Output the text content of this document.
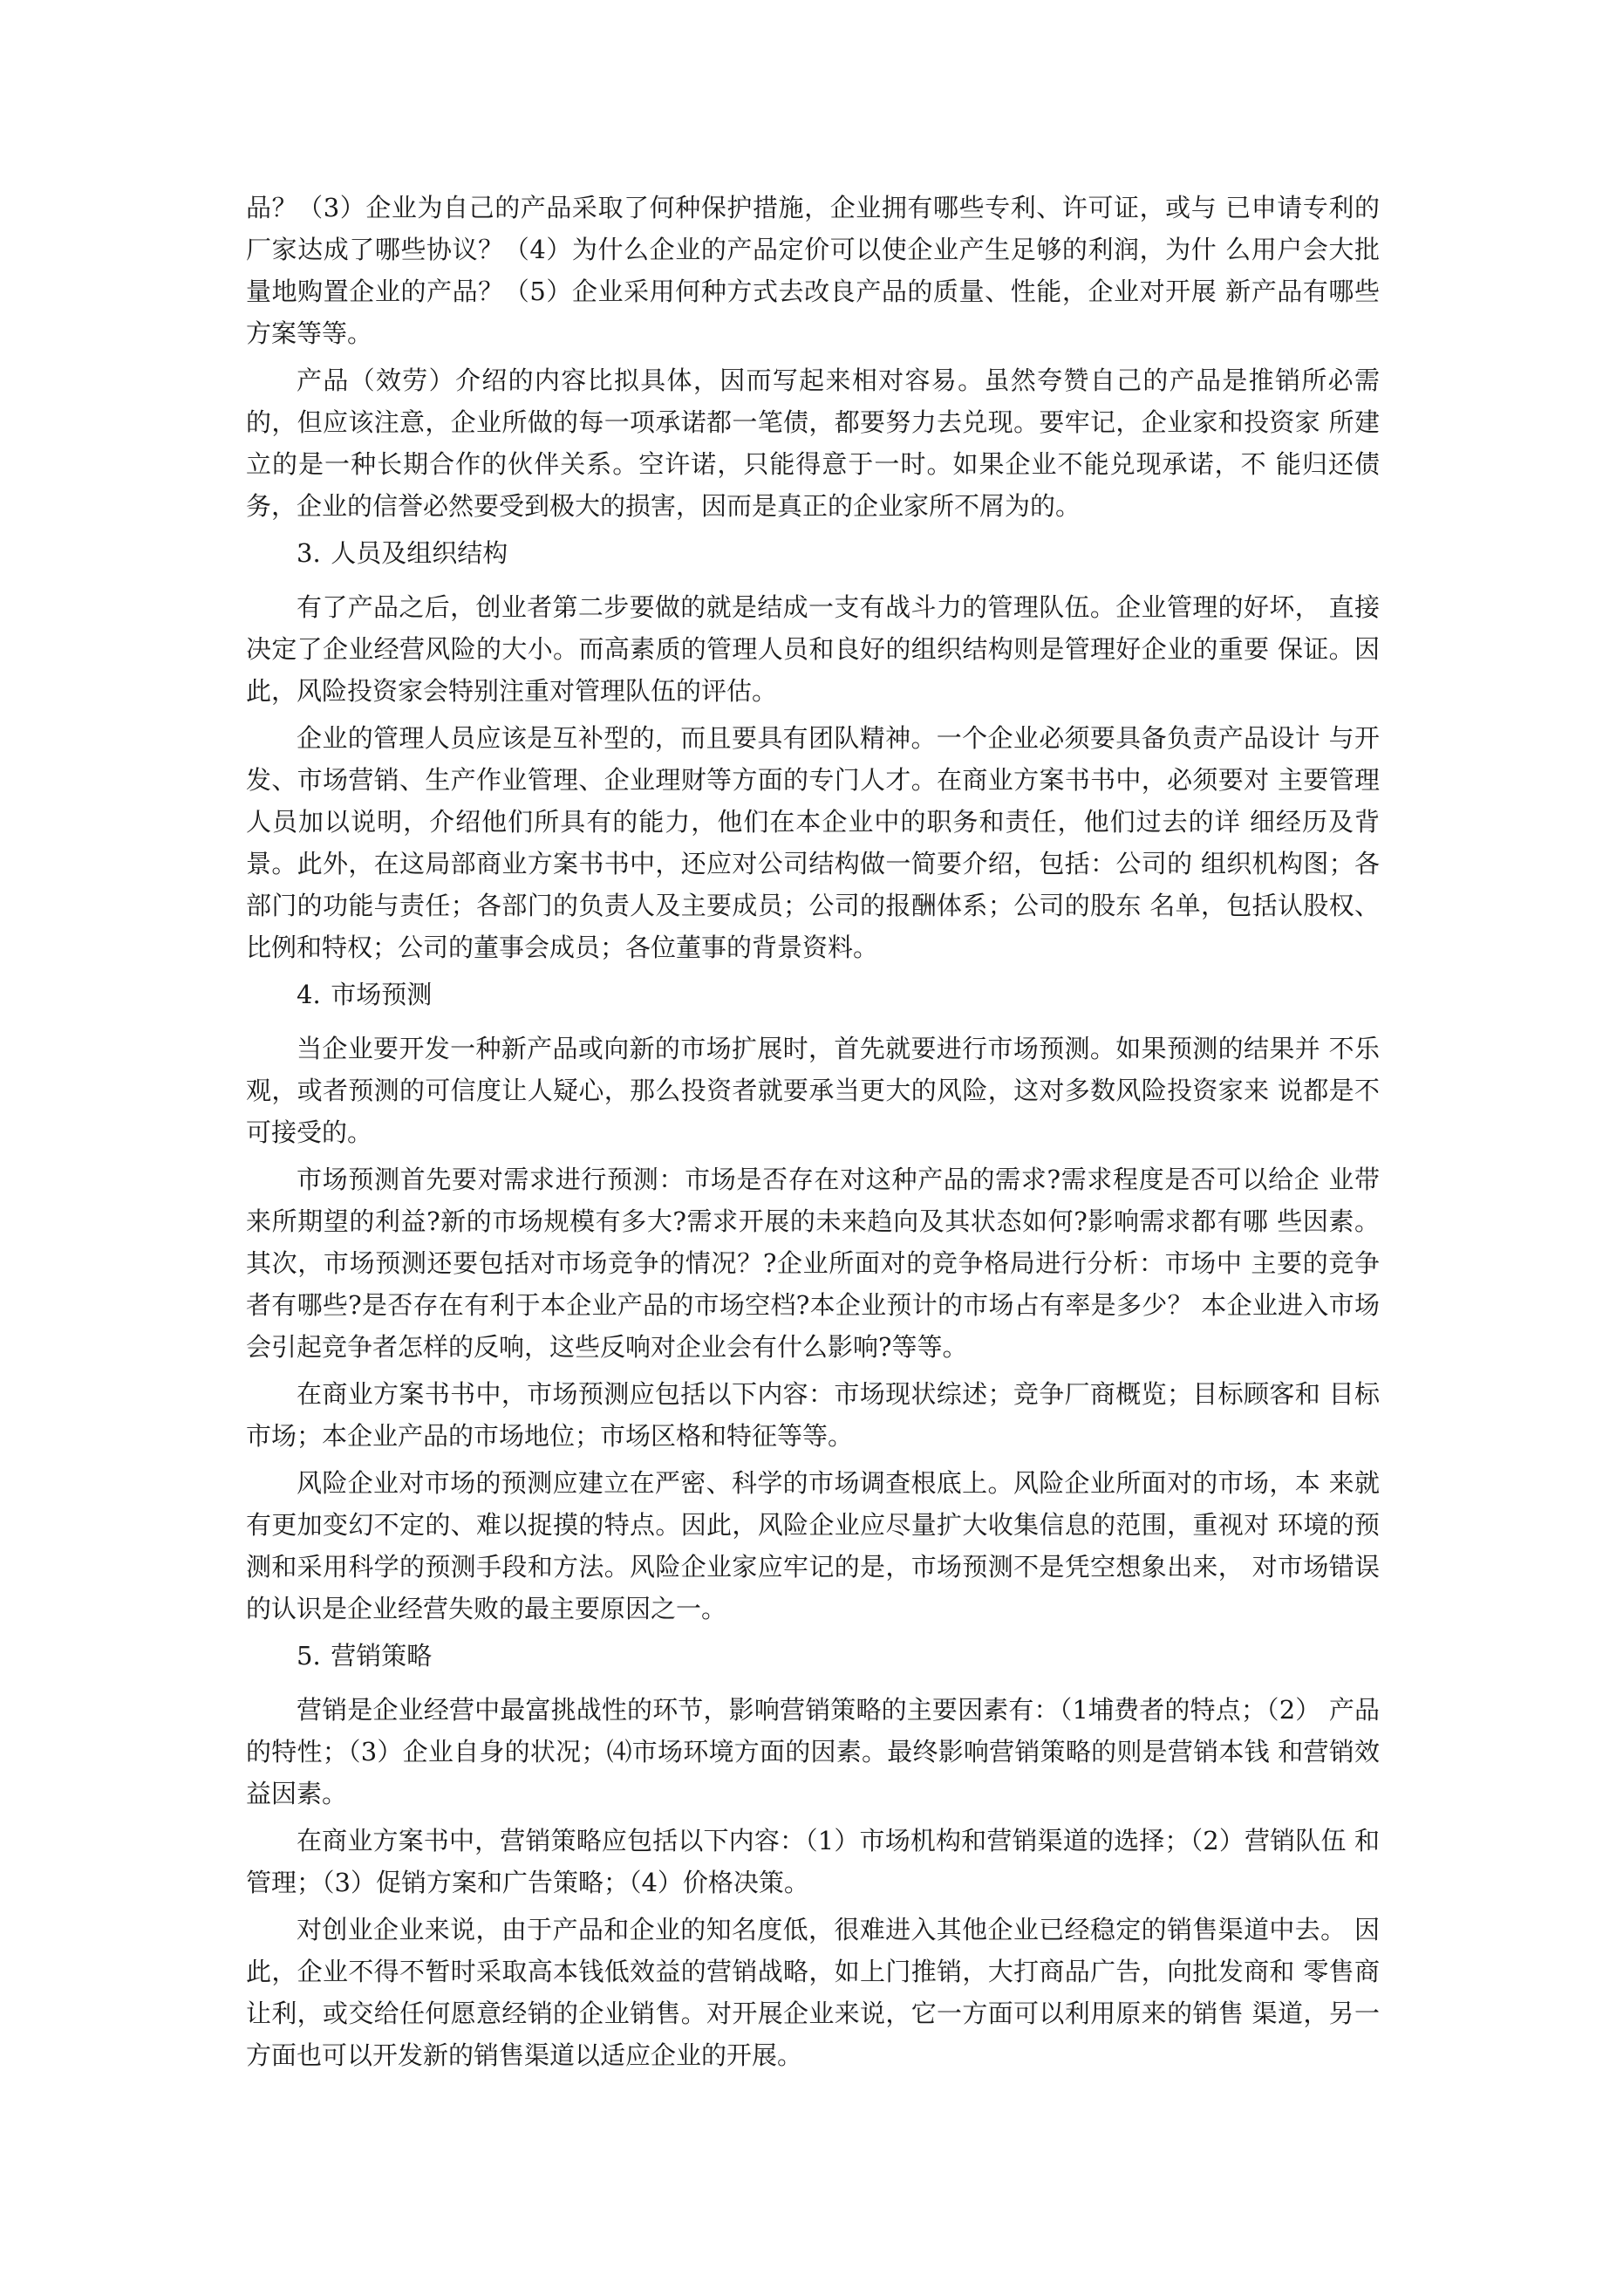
品？（3）企业为自己的产品采取了何种保护措施，企业拥有哪些专利、许可证，或与 已申请专利的厂家达成了哪些协议？（4）为什么企业的产品定价可以使企业产生足够的利润，为什 么用户会大批量地购置企业的产品？（5）企业采用何种方式去改良产品的质量、性能，企业对开展 新产品有哪些方案等等。

产品（效劳）介绍的内容比拟具体，因而写起来相对容易。虽然夸赞自己的产品是推销所必需 的，但应该注意，企业所做的每一项承诺都一笔债，都要努力去兑现。要牢记，企业家和投资家 所建立的是一种长期合作的伙伴关系。空许诺，只能得意于一时。如果企业不能兑现承诺，不 能归还债务，企业的信誉必然要受到极大的损害，因而是真正的企业家所不屑为的。

3. 人员及组织结构

有了产品之后，创业者第二步要做的就是结成一支有战斗力的管理队伍。企业管理的好坏， 直接决定了企业经营风险的大小。而高素质的管理人员和良好的组织结构则是管理好企业的重要 保证。因此，风险投资家会特别注重对管理队伍的评估。

企业的管理人员应该是互补型的，而且要具有团队精神。一个企业必须要具备负责产品设计 与开发、市场营销、生产作业管理、企业理财等方面的专门人才。在商业方案书书中，必须要对 主要管理人员加以说明，介绍他们所具有的能力，他们在本企业中的职务和责任，他们过去的详 细经历及背景。此外，在这局部商业方案书书中，还应对公司结构做一简要介绍，包括：公司的 组织机构图；各部门的功能与责任；各部门的负责人及主要成员；公司的报酬体系；公司的股东 名单，包括认股权、比例和特权；公司的董事会成员；各位董事的背景资料。

4. 市场预测

当企业要开发一种新产品或向新的市场扩展时，首先就要进行市场预测。如果预测的结果并 不乐观，或者预测的可信度让人疑心，那么投资者就要承当更大的风险，这对多数风险投资家来 说都是不可接受的。

市场预测首先要对需求进行预测：市场是否存在对这种产品的需求?需求程度是否可以给企 业带来所期望的利益?新的市场规模有多大?需求开展的未来趋向及其状态如何?影响需求都有哪 些因素。其次，市场预测还要包括对市场竞争的情况？?企业所面对的竞争格局进行分析：市场中 主要的竞争者有哪些?是否存在有利于本企业产品的市场空档?本企业预计的市场占有率是多少？ 本企业进入市场会引起竞争者怎样的反响，这些反响对企业会有什么影响?等等。

在商业方案书书中，市场预测应包括以下内容：市场现状综述；竞争厂商概览；目标顾客和 目标市场；本企业产品的市场地位；市场区格和特征等等。

风险企业对市场的预测应建立在严密、科学的市场调查根底上。风险企业所面对的市场，本 来就有更加变幻不定的、难以捉摸的特点。因此，风险企业应尽量扩大收集信息的范围，重视对 环境的预测和采用科学的预测手段和方法。风险企业家应牢记的是，市场预测不是凭空想象出来， 对市场错误的认识是企业经营失败的最主要原因之一。

5. 营销策略

营销是企业经营中最富挑战性的环节，影响营销策略的主要因素有：（1埔费者的特点；（2） 产品的特性；（3）企业自身的状况；⑷市场环境方面的因素。最终影响营销策略的则是营销本钱 和营销效益因素。

在商业方案书中，营销策略应包括以下内容：（1）市场机构和营销渠道的选择；（2）营销队伍 和管理；（3）促销方案和广告策略；（4）价格决策。

对创业企业来说，由于产品和企业的知名度低，很难进入其他企业已经稳定的销售渠道中去。 因此，企业不得不暂时采取高本钱低效益的营销战略，如上门推销，大打商品广告，向批发商和 零售商让利，或交给任何愿意经销的企业销售。对开展企业来说，它一方面可以利用原来的销售 渠道，另一方面也可以开发新的销售渠道以适应企业的开展。
